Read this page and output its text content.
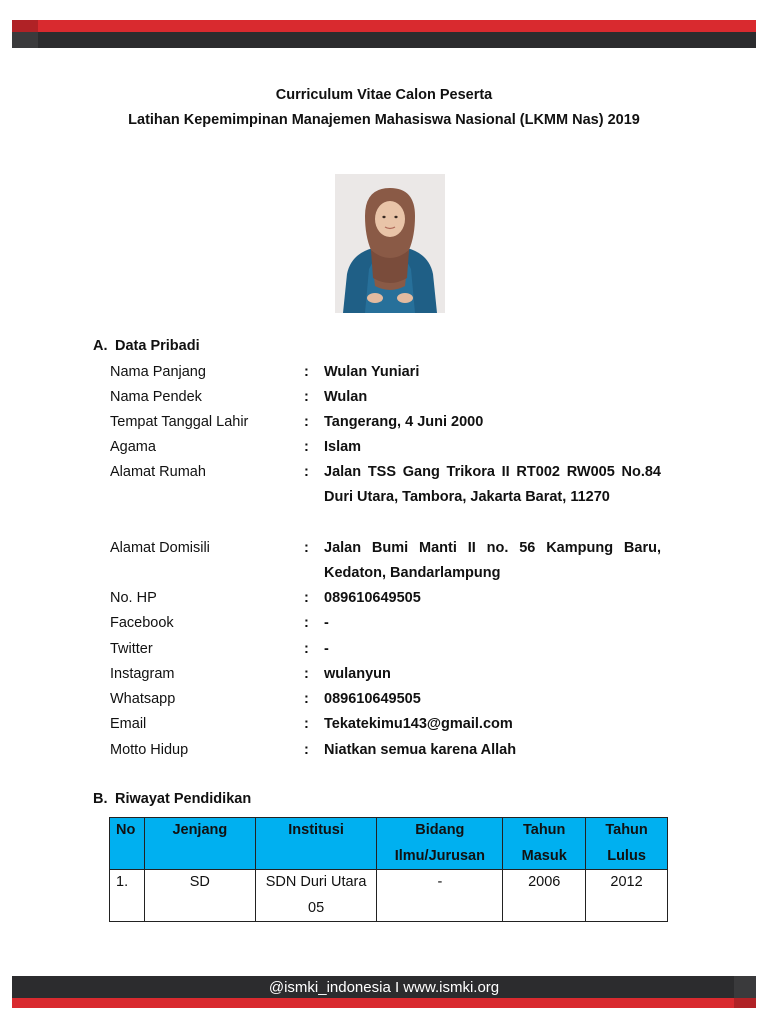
Curriculum Vitae Calon Peserta
Latihan Kepemimpinan Manajemen Mahasiswa Nasional (LKMM Nas) 2019
A. Data Pribadi
Nama Panjang	: Wulan Yuniari
Nama Pendek	: Wulan
Tempat Tanggal Lahir	: Tangerang, 4 Juni 2000
Agama	: Islam
Alamat Rumah	: Jalan TSS Gang Trikora II RT002 RW005 No.84 Duri Utara, Tambora, Jakarta Barat, 11270
Alamat Domisili	: Jalan Bumi Manti II no. 56 Kampung Baru, Kedaton, Bandarlampung
No. HP	: 089610649505
Facebook	: -
Twitter	: -
Instagram	: wulanyun
Whatsapp	: 089610649505
Email	: Tekatekimu143@gmail.com
Motto Hidup	: Niatkan semua karena Allah
B. Riwayat Pendidikan
No	Jenjang	Institusi	Bidang Ilmu/Jurusan	Tahun Masuk	Tahun Lulus
1.	SD	SDN Duri Utara 05	-	2006	2012
@ismki_indonesia I www.ismki.org
